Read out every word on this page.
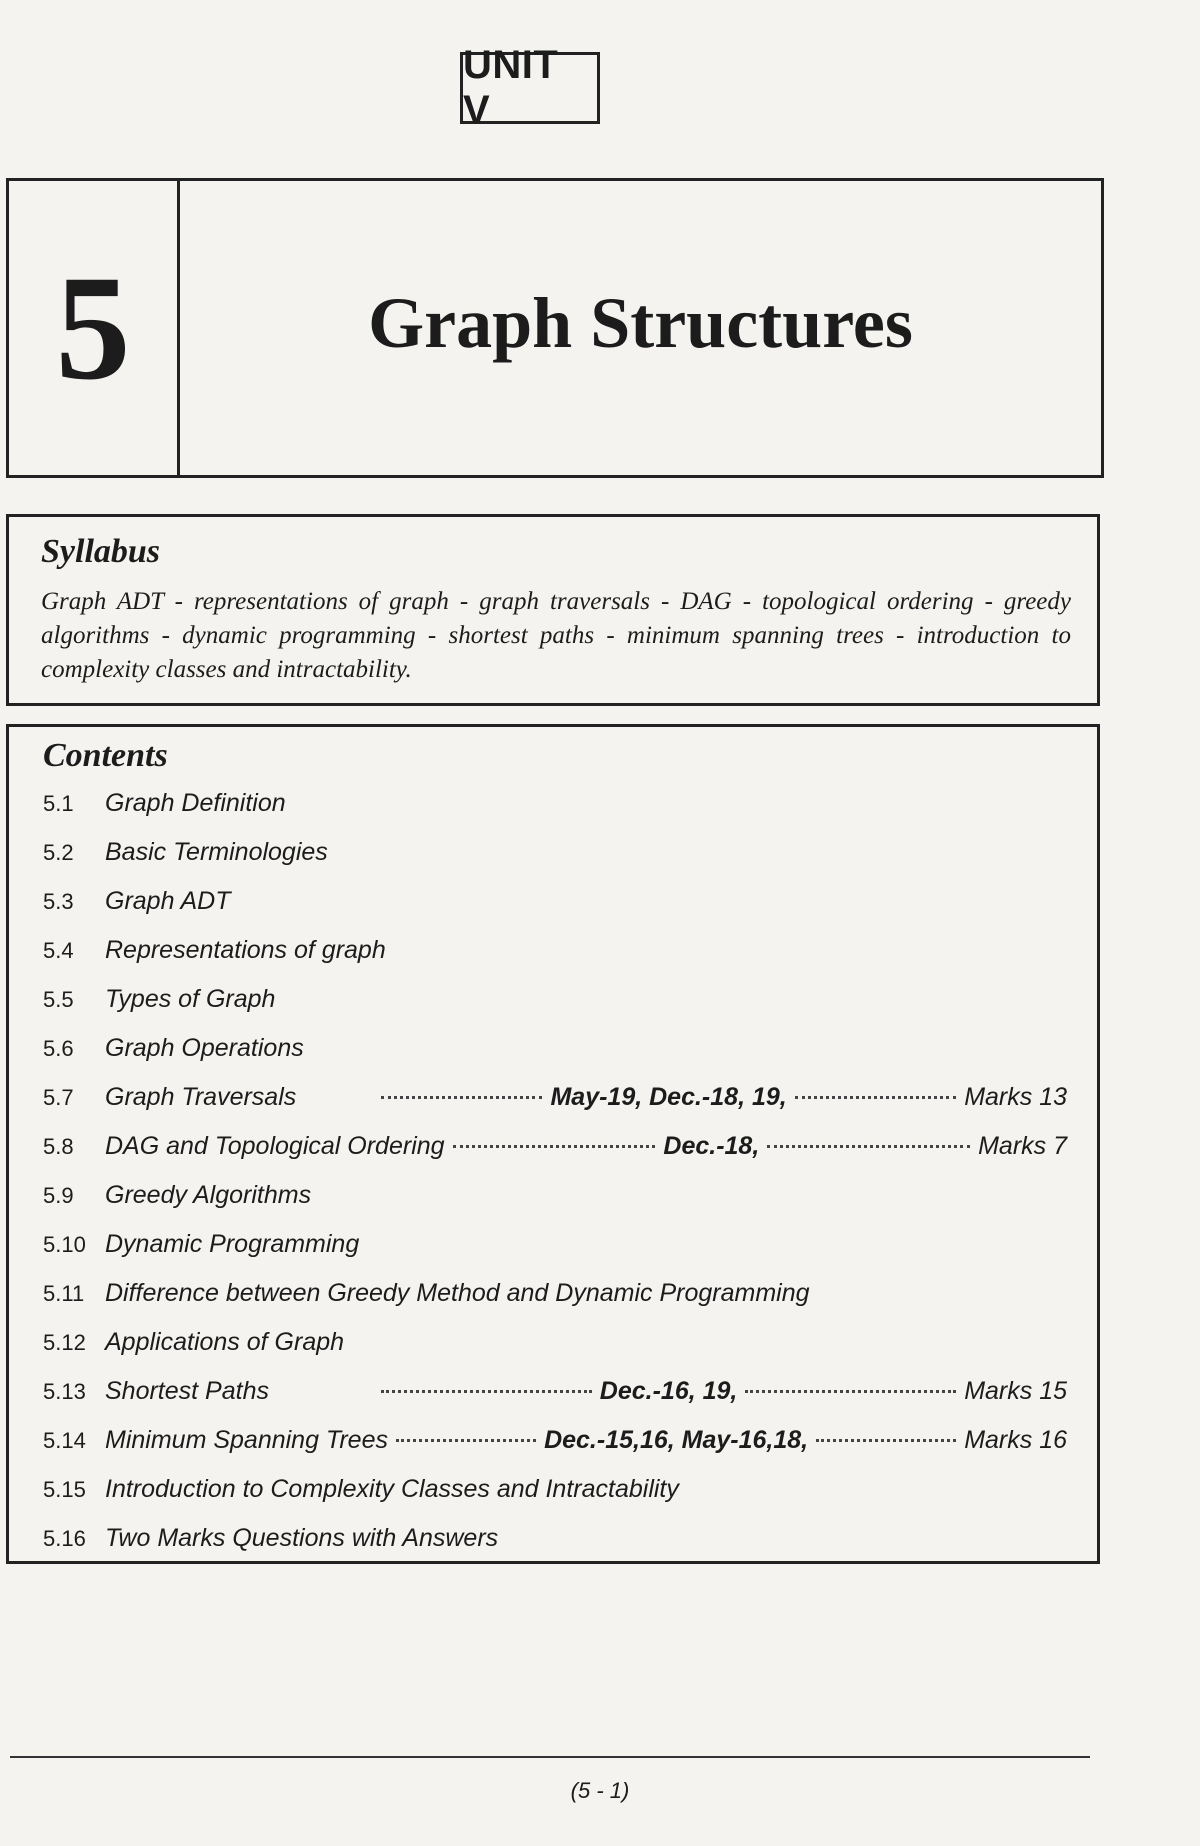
UNIT V
5	Graph Structures
Syllabus

Graph ADT - representations of graph - graph traversals - DAG - topological ordering - greedy algorithms - dynamic programming - shortest paths - minimum spanning trees - introduction to complexity classes and intractability.

Contents
5.1	Graph Definition
5.2	Basic Terminologies
5.3	Graph ADT
5.4	Representations of graph
5.5	Types of Graph
5.6	Graph Operations
5.7	Graph Traversals	May-19, Dec.-18, 19,	Marks 13
5.8	DAG and Topological Ordering	Dec.-18,	Marks 7
5.9	Greedy Algorithms
5.10 Dynamic Programming
5.11 Difference between Greedy Method and Dynamic Programming
5.12 Applications of Graph
5.13 Shortest Paths	Dec.-16, 19,	Marks 15
5.14 Minimum Spanning Trees	Dec.-15,16, May-16,18,	Marks 16
5.15 Introduction to Complexity Classes and Intractability
5.16 Two Marks Questions with Answers
(5 - 1)
